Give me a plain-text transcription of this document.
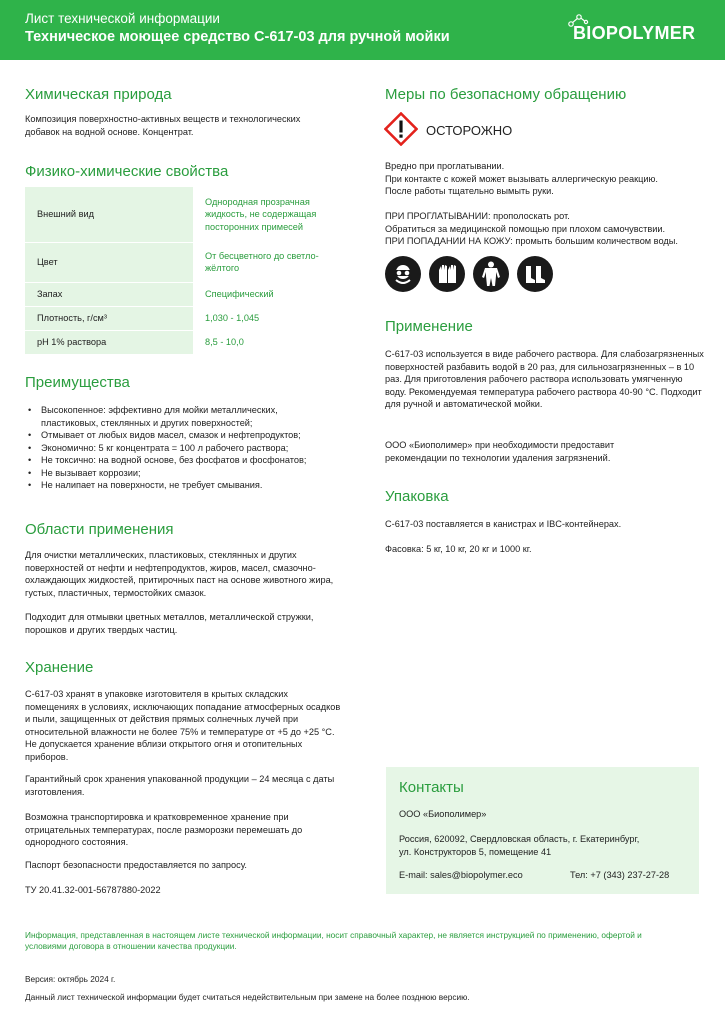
Лист технической информации
Техническое моющее средство С-617-03 для ручной мойки	BIOPOLYMER
Химическая природа

Композиция поверхностно-активных веществ и технологических добавок на водной основе. Концентрат.

Физико-химические свойства
Внешний вид	Однородная прозрачная жидкость, не содержащая посторонних примесей
Цвет	От бесцветного до светло-жёлтого
Запах	Специфический
Плотность, г/см³	1,030 - 1,045
pH 1% раствора	8,5 - 10,0
Преимущества
• Высокопенное: эффективно для мойки металлических, пластиковых, стеклянных и других поверхностей;
• Отмывает от любых видов масел, смазок и нефтепродуктов;
• Экономично: 5 кг концентрата = 100 л рабочего раствора;
• Не токсично: на водной основе, без фосфатов и фосфонатов;
• Не вызывает коррозии;
• Не налипает на поверхности, не требует смывания.
Области применения

Для очистки металлических, пластиковых, стеклянных и других поверхностей от нефти и нефтепродуктов, жиров, масел, смазочно-охлаждающих жидкостей, притирочных паст на основе животного жира, густых, пластичных, термостойких смазок.

Подходит для отмывки цветных металлов, металлической стружки, порошков и других твердых частиц.

Хранение

С-617-03 хранят в упаковке изготовителя в крытых складских помещениях в условиях, исключающих попадание атмосферных осадков и пыли, защищенных от действия прямых солнечных лучей при относительной влажности не более 75% и температуре от +5 до +25 °С. Не допускается хранение вблизи открытого огня и отопительных приборов.

Гарантийный срок хранения упакованной продукции – 24 месяца с даты изготовления.

Возможна транспортировка и кратковременное хранение при отрицательных температурах, после разморозки перемешать до однородного состояния.

Паспорт безопасности предоставляется по запросу.

ТУ 20.41.32-001-56787880-2022

Меры по безопасному обращению
ОСТОРОЖНО
Вредно при проглатывании.
При контакте с кожей может вызывать аллергическую реакцию.
После работы тщательно вымыть руки.
ПРИ ПРОГЛАТЫВАНИИ: прополоскать рот.
Обратиться за медицинской помощью при плохом самочувствии.
ПРИ ПОПАДАНИИ НА КОЖУ: промыть большим количеством воды.
Применение

С-617-03 используется в виде рабочего раствора. Для слабозагрязненных поверхностей разбавить водой в 20 раз, для сильнозагрязненных – в 10 раз. Для приготовления рабочего раствора использовать умягченную воду. Рекомендуемая температура рабочего раствора 40-90 °С. Подходит для ручной и автоматической мойки.

ООО «Биополимер» при необходимости предоставит рекомендации по технологии удаления загрязнений.

Упаковка

С-617-03 поставляется в канистрах и IBC-контейнерах.

Фасовка: 5 кг, 10 кг, 20 кг и 1000 кг.

Контакты
ООО «Биополимер»
Россия, 620092, Свердловская область, г. Екатеринбург,
ул. Конструкторов 5, помещение 41
E-mail: sales@biopolymer.eco	Тел: +7 (343) 237-27-28
Информация, представленная в настоящем листе технической информации, носит справочный характер, не является инструкцией по применению, офертой и условиями договора в отношении качества продукции.
Версия: октябрь 2024 г.
Данный лист технической информации будет считаться недействительным при замене на более позднюю версию.
